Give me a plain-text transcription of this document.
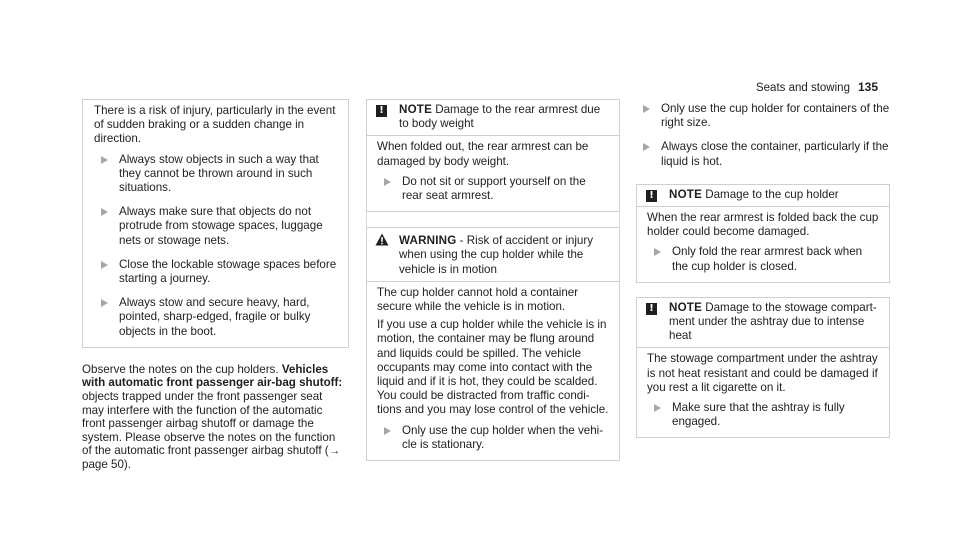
Seats and stowing 135

There is a risk of injury, particularly in the event of sudden braking or a sudden change in direction.

Always stow objects in such a way that they cannot be thrown around in such situations.
Always make sure that objects do not protrude from stowage spaces, luggage nets or stowage nets.
Close the lockable stowage spaces before starting a journey.
Always stow and secure heavy, hard, pointed, sharp-edged, fragile or bulky objects in the boot.
Observe the notes on the cup holders. Vehicles with automatic front passenger air-bag shutoff: objects trapped under the front passenger seat may interfere with the function of the automatic front passenger airbag shutoff or damage the system. Please observe the notes on the function of the automatic front passenger airbag shutoff (→ page 50).
! NOTE Damage to the rear armrest due to body weight

When folded out, the rear armrest can be damaged by body weight.

Do not sit or support yourself on the rear seat armrest.
WARNING - Risk of accident or injury when using the cup holder while the vehicle is in motion

The cup holder cannot hold a container secure while the vehicle is in motion.

If you use a cup holder while the vehicle is in motion, the container may be flung around and liquids could be spilled. The vehicle occupants may come into contact with the liquid and if it is hot, they could be scalded. You could be distracted from traffic condi-tions and you may lose control of the vehicle.

Only use the cup holder when the vehi-cle is stationary.
Only use the cup holder for containers of the right size.
Always close the container, particularly if the liquid is hot.
! NOTE Damage to the cup holder

When the rear armrest is folded back the cup holder could become damaged.

Only fold the rear armrest back when the cup holder is closed.
! NOTE Damage to the stowage compart-ment under the ashtray due to intense heat

The stowage compartment under the ashtray is not heat resistant and could be damaged if you rest a lit cigarette on it.

Make sure that the ashtray is fully engaged.
